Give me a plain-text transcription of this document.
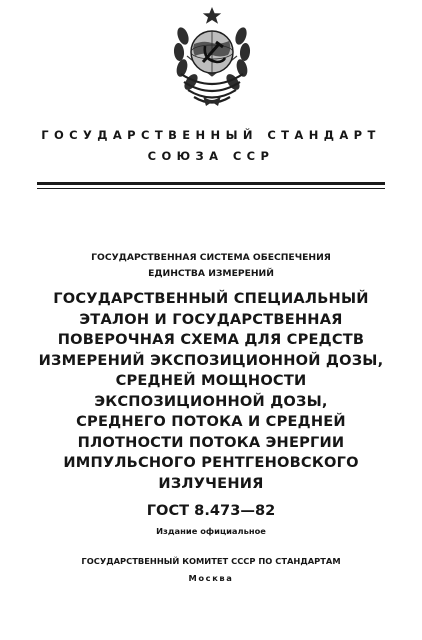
ГОСУДАРСТВЕННЫЙ СТАНДАРТ
СОЮЗА ССР
ГОСУДАРСТВЕННАЯ СИСТЕМА ОБЕСПЕЧЕНИЯ
ЕДИНСТВА ИЗМЕРЕНИЙ
ГОСУДАРСТВЕННЫЙ СПЕЦИАЛЬНЫЙ
ЭТАЛОН И ГОСУДАРСТВЕННАЯ
ПОВЕРОЧНАЯ СХЕМА ДЛЯ СРЕДСТВ
ИЗМЕРЕНИЙ ЭКСПОЗИЦИОННОЙ ДОЗЫ,
СРЕДНЕЙ МОЩНОСТИ
ЭКСПОЗИЦИОННОЙ ДОЗЫ,
СРЕДНЕГО ПОТОКА И СРЕДНЕЙ
ПЛОТНОСТИ ПОТОКА ЭНЕРГИИ
ИМПУЛЬСНОГО РЕНТГЕНОВСКОГО
ИЗЛУЧЕНИЯ
ГОСТ 8.473—82
Издание официальное
ГОСУДАРСТВЕННЫЙ КОМИТЕТ СССР ПО СТАНДАРТАМ
Москва
